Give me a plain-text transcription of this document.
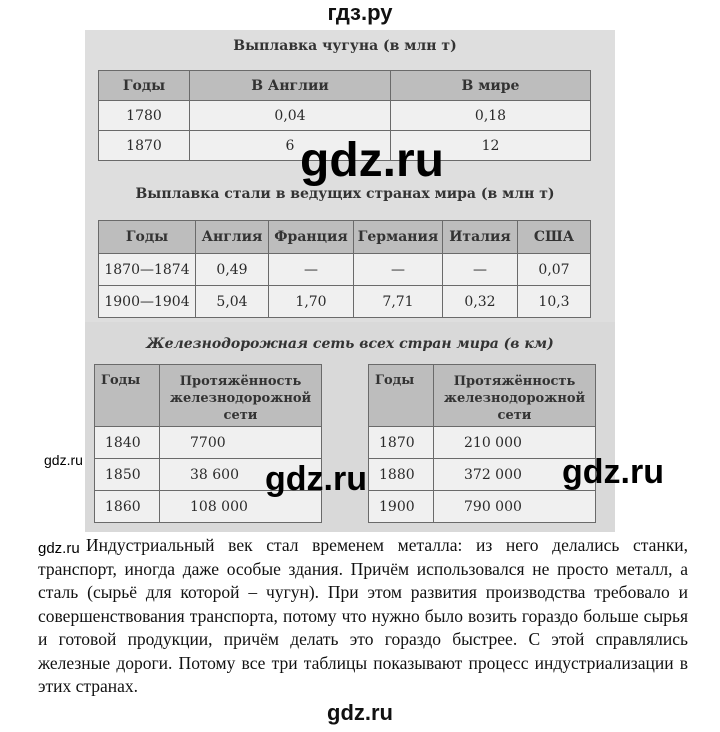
гдз.ру
Выплавка чугуна (в млн т)
Годы	В Англии	В мире
1780	0,04	0,18
1870	6	12
Выплавка стали в ведущих странах мира (в млн т)
Годы	Англия	Франция	Германия	Италия	США
1870—1874	0,49	—	—	—	0,07
1900—1904	5,04	1,70	7,71	0,32	10,3
Железнодорожная сеть всех стран мира (в км)
Годы	Протяжённость железнодорожной сети
1840	7700
1850	38 600
1860	108 000
Годы	Протяжённость железнодорожной сети
1870	210 000
1880	372 000
1900	790 000
gdz.ru
gdz.ru	gdz.ru
gdz.ru
gdz.ru Индустриальный век стал временем металла: из него делались станки, транспорт, иногда даже особые здания. Причём использовался не просто металл, а сталь (сырьё для которой – чугун). При этом развития производства требовало и совершенствования транспорта, потому что нужно было возить гораздо больше сырья и готовой продукции, причём делать это гораздо быстрее. С этой справлялись железные дороги. Потому все три таблицы показывают процесс индустриализации в этих странах.
gdz.ru
